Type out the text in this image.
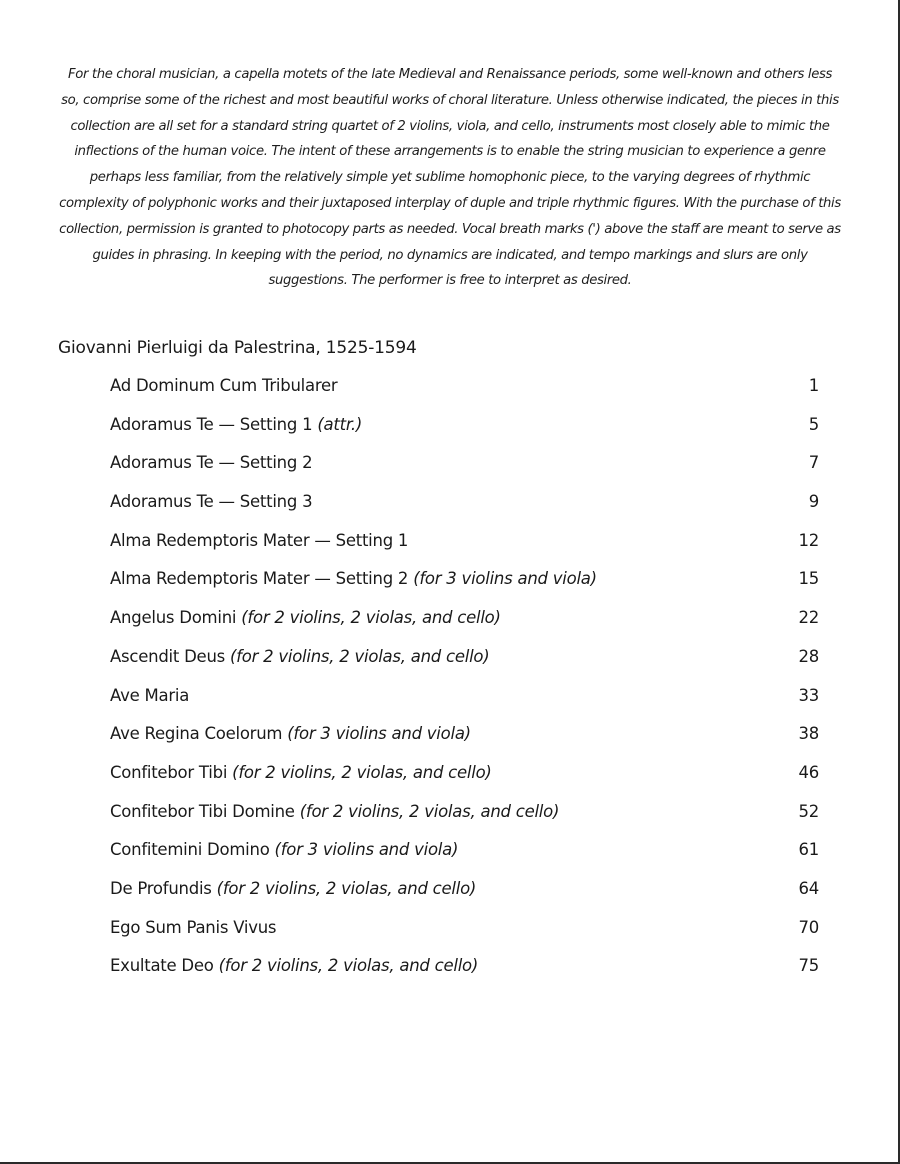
For the choral musician, a capella motets of the late Medieval and Renaissance periods, some well-known and others less so, comprise some of the richest and most beautiful works of choral literature. Unless otherwise indicated, the pieces in this collection are all set for a standard string quartet of 2 violins, viola, and cello, instruments most closely able to mimic the inflections of the human voice. The intent of these arrangements is to enable the string musician to experience a genre perhaps less familiar, from the relatively simple yet sublime homophonic piece, to the varying degrees of rhythmic complexity of polyphonic works and their juxtaposed interplay of duple and triple rhythmic figures. With the purchase of this collection, permission is granted to photocopy parts as needed. Vocal breath marks (') above the staff are meant to serve as guides in phrasing. In keeping with the period, no dynamics are indicated, and tempo markings and slurs are only suggestions. The performer is free to interpret as desired.

Giovanni Pierluigi da Palestrina, 1525-1594
Ad Dominum Cum Tribularer	1
Adoramus Te — Setting 1 (attr.)	5
Adoramus Te — Setting 2	7
Adoramus Te — Setting 3	9
Alma Redemptoris Mater — Setting 1	12
Alma Redemptoris Mater — Setting 2 (for 3 violins and viola)	15
Angelus Domini (for 2 violins, 2 violas, and cello)	22
Ascendit Deus (for 2 violins, 2 violas, and cello)	28
Ave Maria	33
Ave Regina Coelorum (for 3 violins and viola)	38
Confitebor Tibi (for 2 violins, 2 violas, and cello)	46
Confitebor Tibi Domine (for 2 violins, 2 violas, and cello)	52
Confitemini Domino (for 3 violins and viola)	61
De Profundis (for 2 violins, 2 violas, and cello)	64
Ego Sum Panis Vivus	70
Exultate Deo (for 2 violins, 2 violas, and cello)	75
